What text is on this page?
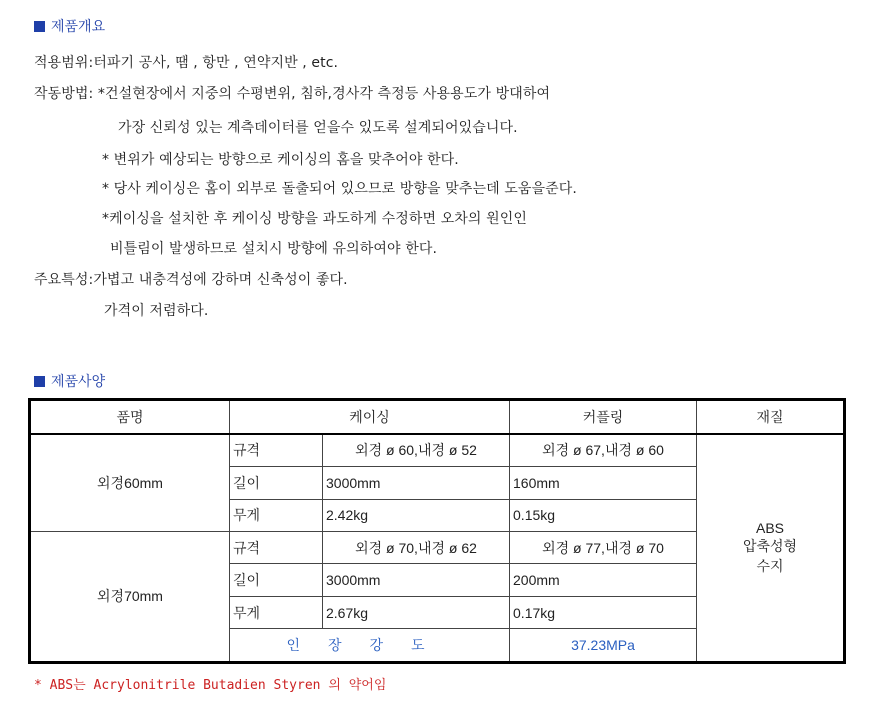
제품개요
적용범위:터파기 공사, 땜 , 항만 , 연약지반 , etc.
작동방법: *건설현장에서 지중의 수평변위, 침하,경사각 측정등 사용용도가 방대하여
가장 신뢰성 있는 계측데이터를 얻을수 있도록 설계되어있습니다.
* 변위가 예상되는 방향으로 케이싱의 홈을 맞추어야 한다.
* 당사 케이싱은 홈이 외부로 돌출되어 있으므로 방향을 맞추는데 도움을준다.
*케이싱을 설치한 후 케이싱 방향을 과도하게 수정하면 오차의 원인인
비틀림이 발생하므로 설치시 방향에 유의하여야 한다.
주요특성:가볍고 내충격성에 강하며 신축성이 좋다.
가격이 저렴하다.
제품사양
품명	케이싱		커플링	재질
외경60mm	규격	외경 ø 60,내경 ø 52	외경 ø 67,내경 ø 60	ABS
압축성형
수지

	길이	3000mm	160mm	
	무게	2.42kg	0.15kg	
외경70mm	규격	외경 ø 70,내경 ø 62	외경 ø 77,내경 ø 70	
	길이	3000mm	200mm	
	무게	2.67kg	0.17kg	
	인장강도		37.23MPa	
* ABS는 Acrylonitrile Butadien Styren 의 약어임
